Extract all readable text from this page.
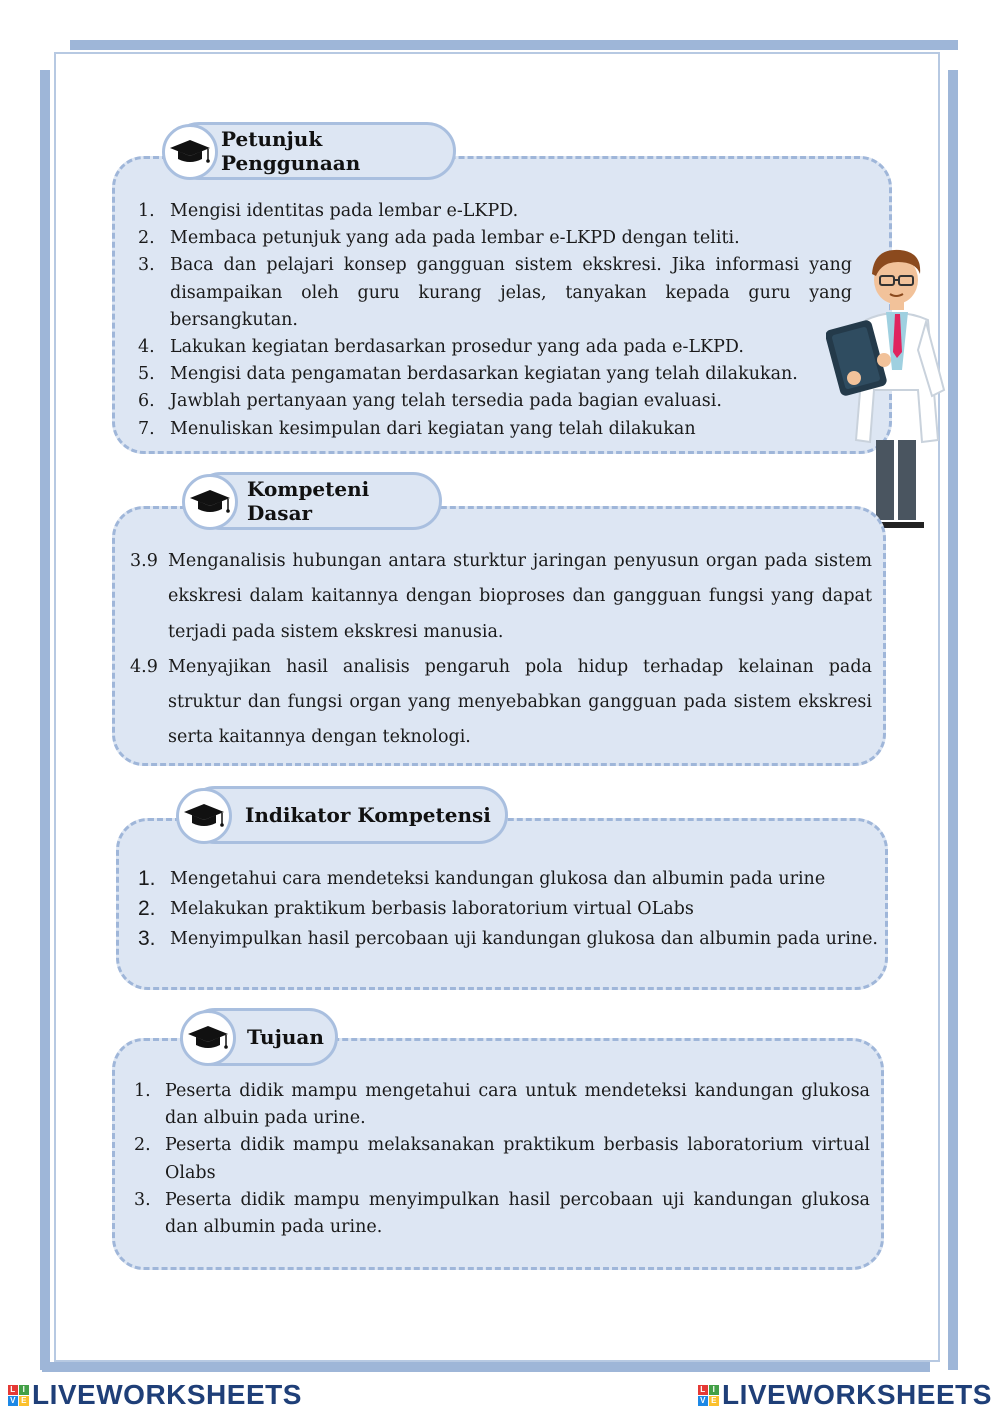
Petunjuk Penggunaan
1. Mengisi identitas pada lembar e-LKPD.
2. Membaca petunjuk yang ada pada lembar e-LKPD dengan teliti.
3. Baca dan pelajari konsep gangguan sistem ekskresi. Jika informasi yang disampaikan oleh guru kurang jelas, tanyakan kepada guru yang bersangkutan.
4. Lakukan kegiatan berdasarkan prosedur yang ada pada e-LKPD.
5. Mengisi data pengamatan berdasarkan kegiatan yang telah dilakukan.
6. Jawblah pertanyaan yang telah tersedia pada bagian evaluasi.
7. Menuliskan kesimpulan dari kegiatan yang telah dilakukan
Kompeteni Dasar
3.9 Menganalisis hubungan antara sturktur jaringan penyusun organ pada sistem ekskresi dalam kaitannya dengan bioproses dan gangguan fungsi yang dapat terjadi pada sistem ekskresi manusia.
4.9 Menyajikan hasil analisis pengaruh pola hidup terhadap kelainan pada struktur dan fungsi organ yang menyebabkan gangguan pada sistem ekskresi serta kaitannya dengan teknologi.
Indikator Kompetensi
1. Mengetahui cara mendeteksi kandungan glukosa dan albumin pada urine
2. Melakukan praktikum berbasis laboratorium virtual OLabs
3. Menyimpulkan hasil percobaan uji kandungan glukosa dan albumin pada urine.
Tujuan
1. Peserta didik mampu mengetahui cara untuk mendeteksi kandungan glukosa dan albuin pada urine.
2. Peserta didik mampu melaksanakan praktikum berbasis laboratorium virtual Olabs
3. Peserta didik mampu menyimpulkan hasil percobaan uji kandungan glukosa dan albumin pada urine.
L I
V E LIVEWORKSHEETS	L I
V E LIVEWORKSHEETS
